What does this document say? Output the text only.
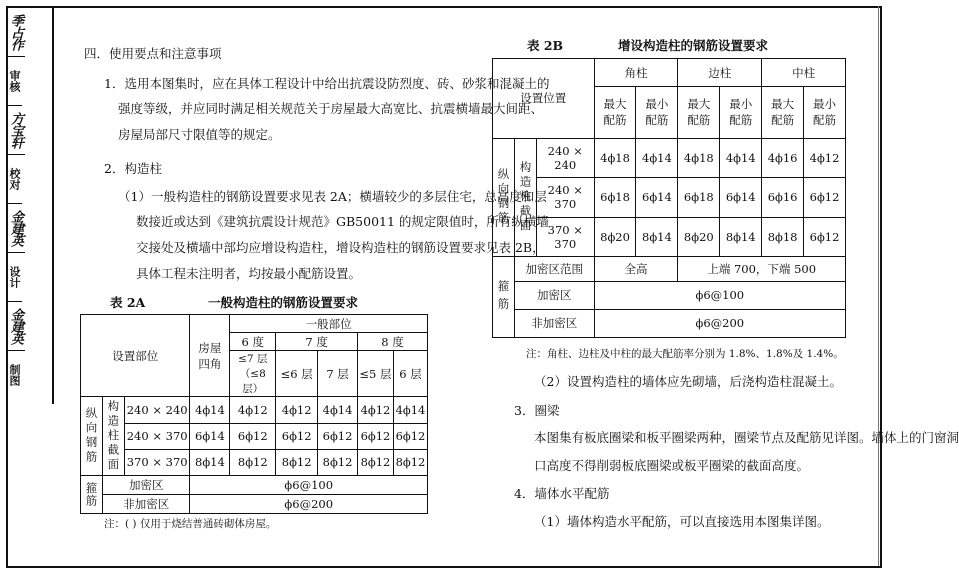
季占作
审核
方宝轩
校对
金建英
设计
金建英
制图
四．使用要点和注意事项
1．选用本图集时，应在具体工程设计中给出抗震设防烈度、砖、砂浆和混凝土的
强度等级，并应同时满足相关规范关于房屋最大高宽比、抗震横墙最大间距、
房屋局部尺寸限值等的规定。
2．构造柱
（1）一般构造柱的钢筋设置要求见表 2A；横墙较少的多层住宅，总高度和层
数接近或达到《建筑抗震设计规范》GB50011 的规定限值时，所有纵横墙
交接处及横墙中部均应增设构造柱，增设构造柱的钢筋设置要求见表 2B，
具体工程未注明者，均按最小配筋设置。
表 2A	一般构造柱的钢筋设置要求
设置部位			房屋
四角	一般部位				
				6 度	7 度		8 度	
				≤7 层
（≤8 层）	≤6 层	7 层	≤5 层	6 层
纵向钢筋	构造柱截面	240 × 240	4ϕ14	4ϕ12	4ϕ12	4ϕ14	4ϕ12	4ϕ14
		240 × 370	6ϕ14	6ϕ12	6ϕ12	6ϕ12	6ϕ12	6ϕ12
		370 × 370	8ϕ14	8ϕ12	8ϕ12	8ϕ12	8ϕ12	8ϕ12
箍筋	加密区		ϕ6@100					
	非加密区		ϕ6@200					
注：( ) 仅用于烧结普通砖砌体房屋。
表 2B	增设构造柱的钢筋设置要求
设置位置			角柱		边柱		中柱	
			最大配筋	最小配筋	最大配筋	最小配筋	最大配筋	最小配筋
纵向钢筋	构造柱截面	240 × 240	4ϕ18	4ϕ14	4ϕ18	4ϕ14	4ϕ16	4ϕ12
		240 × 370	6ϕ18	6ϕ14	6ϕ18	6ϕ14	6ϕ16	6ϕ12
		370 × 370	8ϕ20	8ϕ14	8ϕ20	8ϕ14	8ϕ18	6ϕ12
箍筋	加密区范围		全高		上端 700，下端 500			
	加密区		ϕ6@100					
	非加密区		ϕ6@200					
注：角柱、边柱及中柱的最大配筋率分别为 1.8%、1.8%及 1.4%。
（2）设置构造柱的墙体应先砌墙，后浇构造柱混凝土。
3．圈梁
本图集有板底圈梁和板平圈梁两种，圈梁节点及配筋见详图。墙体上的门窗洞
口高度不得削弱板底圈梁或板平圈梁的截面高度。
4．墙体水平配筋
（1）墙体构造水平配筋，可以直接选用本图集详图。
